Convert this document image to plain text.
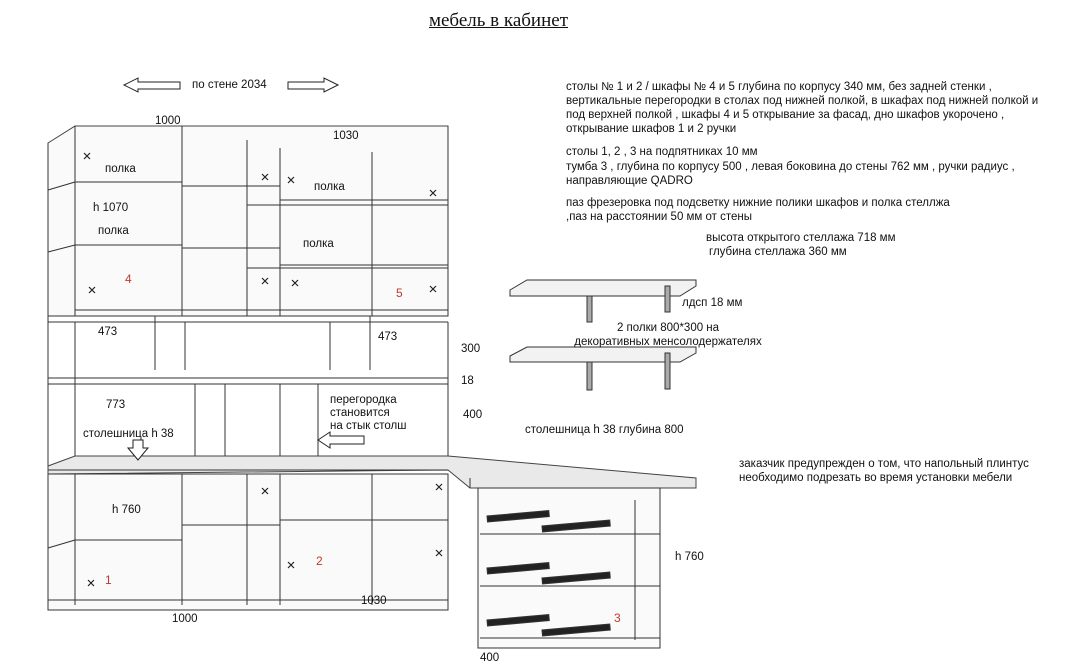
мебель в кабинет
по стене 2034
1000
1030
h 1070
473	473
300
18
400
773
столешница h 38
перегородка
становится
на стык столш
h 760
1000
1030
h 760
400
полка
полка
полка
полка
4
5
1
2
3
столы № 1 и 2 / шкафы № 4 и 5 глубина по корпусу 340 мм, без задней стенки , вертикальные перегородки в столах под нижней полкой, в шкафах под нижней полкой и под верхней полкой , шкафы 4 и 5 открывание за фасад, дно шкафов укорочено , открывание шкафов 1 и 2 ручки
столы 1, 2 , 3 на подпятниках 10 мм
тумба 3 , глубина по корпусу 500 , левая боковина до стены 762 мм , ручки радиус , направляющие QADRO
паз фрезеровка под подсветку нижние полики шкафов и полка стеллжа ,паз на расстоянии 50 мм от стены
высота открытого стеллажа 718 мм
глубина стеллажа 360 мм
лдсп 18 мм
2 полки 800*300 на
декоративных менсолодержателях
столешница h 38 глубина 800
заказчик предупрежден о том, что напольный плинтус необходимо подрезать во время установки мебели
